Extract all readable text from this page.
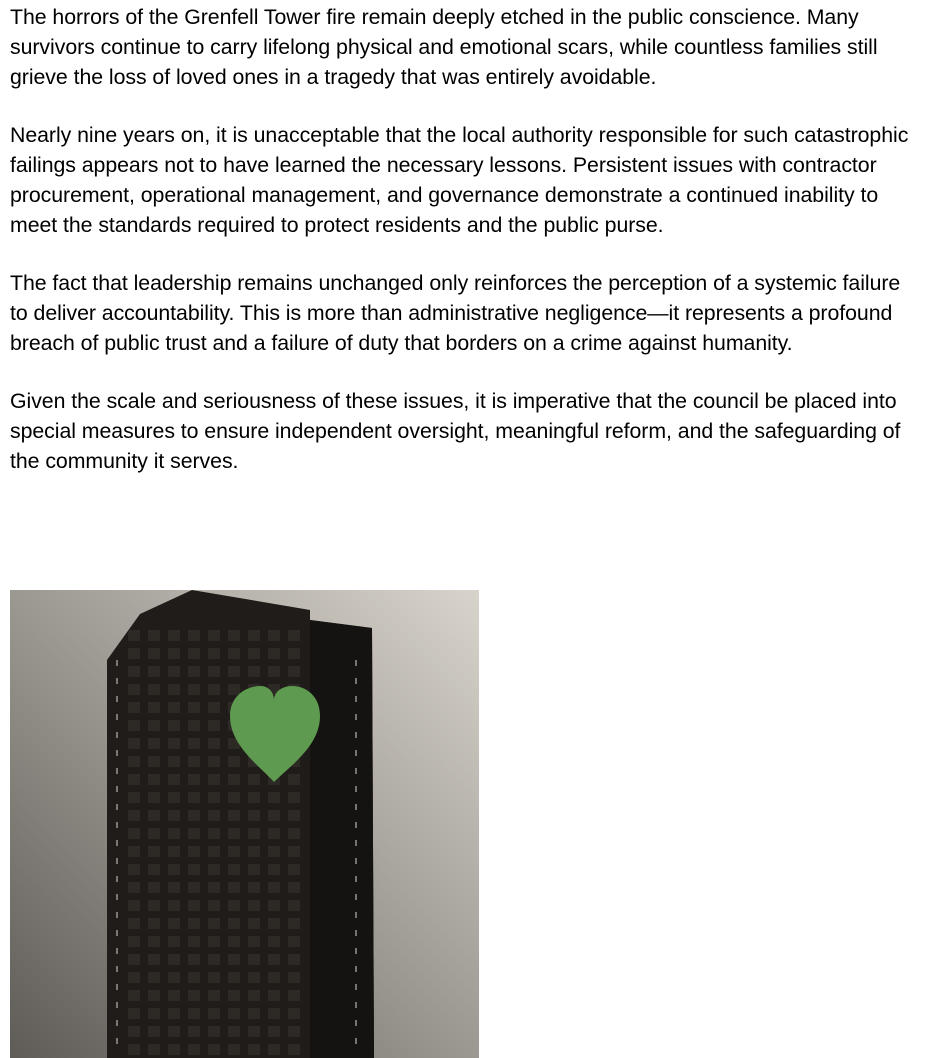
The horrors of the Grenfell Tower fire remain deeply etched in the public conscience. Many survivors continue to carry lifelong physical and emotional scars, while countless families still grieve the loss of loved ones in a tragedy that was entirely avoidable.

Nearly nine years on, it is unacceptable that the local authority responsible for such catastrophic failings appears not to have learned the necessary lessons. Persistent issues with contractor procurement, operational management, and governance demonstrate a continued inability to meet the standards required to protect residents and the public purse.

The fact that leadership remains unchanged only reinforces the perception of a systemic failure to deliver accountability. This is more than administrative negligence—it represents a profound breach of public trust and a failure of duty that borders on a crime against humanity.

Given the scale and seriousness of these issues, it is imperative that the council be placed into special measures to ensure independent oversight, meaningful reform, and the safeguarding of the community it serves.
